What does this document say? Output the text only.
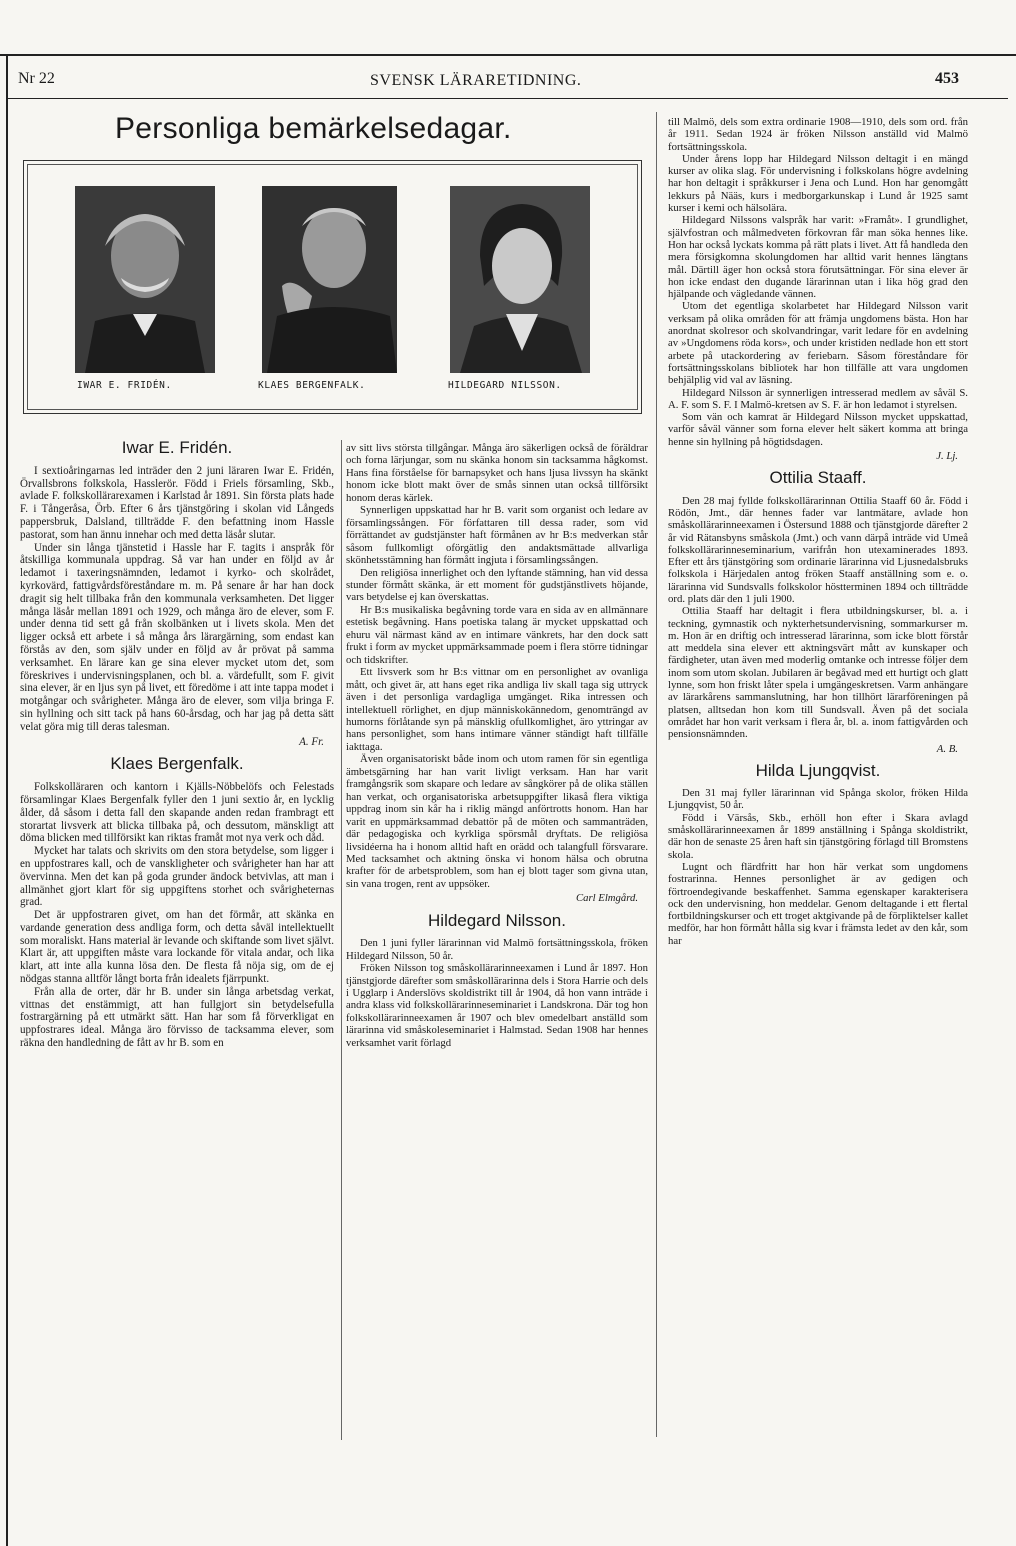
Nr 22	SVENSK LÄRARETIDNING.	453
Personliga bemärkelsedagar.
IWAR E. FRIDÉN.	KLAES BERGENFALK.	HILDEGARD NILSSON.
Iwar E. Fridén.

I sextioåringarnas led inträder den 2 juni läraren Iwar E. Fridén, Örvallsbrons folkskola, Hasslerör. Född i Friels församling, Skb., avlade F. folkskollärarexamen i Karlstad år 1891. Sin första plats hade F. i Tångeråsa, Örb. Efter 6 års tjänstgöring i skolan vid Långeds pappersbruk, Dalsland, tillträdde F. den befattning inom Hassle pastorat, som han ännu innehar och med detta läsår slutar.

Under sin långa tjänstetid i Hassle har F. tagits i anspråk för åtskilliga kommunala uppdrag. Så var han under en följd av år ledamot i taxeringsnämnden, ledamot i kyrko- och skolrådet, kyrkovärd, fattigvårdsföreståndare m. m. På senare år har han dock dragit sig helt tillbaka från den kommunala verksamheten. Det ligger många läsår mellan 1891 och 1929, och många äro de elever, som F. under denna tid sett gå från skolbänken ut i livets skola. Men det ligger också ett arbete i så många års lärargärning, som endast kan förstås av den, som själv under en följd av år prövat på samma verksamhet. En lärare kan ge sina elever mycket utom det, som föreskrives i undervisningsplanen, och bl. a. värdefullt, som F. givit sina elever, är en ljus syn på livet, ett föredöme i att inte tappa modet i motgångar och svårigheter. Många äro de elever, som vilja bringa F. sin hyllning och sitt tack på hans 60-årsdag, och har jag på detta sätt velat göra mig till deras talesman.

A. Fr.
Klaes Bergenfalk.

Folkskolläraren och kantorn i Kjälls-Nöbbelöfs och Felestads församlingar Klaes Bergenfalk fyller den 1 juni sextio år, en lycklig ålder, då såsom i detta fall den skapande anden redan frambragt ett storartat livsverk att blicka tillbaka på, och dessutom, mänskligt att döma blicken med tillförsikt kan riktas framåt mot nya verk och dåd.

Mycket har talats och skrivits om den stora betydelse, som ligger i en uppfostrares kall, och de vanskligheter och svårigheter han har att övervinna. Men det kan på goda grunder ändock betvivlas, att man i allmänhet gjort klart för sig uppgiftens storhet och svårigheternas grad.

Det är uppfostraren givet, om han det förmår, att skänka en vardande generation dess andliga form, och detta såväl intellektuellt som moraliskt. Hans material är levande och skiftande som livet självt. Klart är, att uppgiften måste vara lockande för vitala andar, och lika klart, att inte alla kunna lösa den. De flesta få nöja sig, om de ej nödgas stanna alltför långt borta från idealets fjärrpunkt.

Från alla de orter, där hr B. under sin långa arbetsdag verkat, vittnas det enstämmigt, att han fullgjort sin betydelsefulla fostrargärning på ett utmärkt sätt. Han har som få förverkligat en uppfostrares ideal. Många äro förvisso de tacksamma elever, som räkna den handledning de fått av hr B. som en

av sitt livs största tillgångar. Många äro säkerligen också de föräldrar och forna lärjungar, som nu skänka honom sin tacksamma hågkomst. Hans fina förståelse för barnapsyket och hans ljusa livssyn ha skänkt honom icke blott makt över de smås sinnen utan också tillförsikt honom deras kärlek.

Synnerligen uppskattad har hr B. varit som organist och ledare av församlingssången. För författaren till dessa rader, som vid förrättandet av gudstjänster haft förmånen av hr B:s medverkan står såsom fullkomligt oförgätlig den andaktsmättade allvarliga skönhetsstämning han förmått ingjuta i församlingssången.

Den religiösa innerlighet och den lyftande stämning, han vid dessa stunder förmått skänka, är ett moment för gudstjänstlivets höjande, vars betydelse ej kan överskattas.

Hr B:s musikaliska begåvning torde vara en sida av en allmännare estetisk begåvning. Hans poetiska talang är mycket uppskattad och ehuru väl närmast känd av en intimare vänkrets, har den dock satt frukt i form av mycket uppmärksammade poem i flera större tidningar och tidskrifter.

Ett livsverk som hr B:s vittnar om en personlighet av ovanliga mått, och givet är, att hans eget rika andliga liv skall taga sig uttryck även i det personliga vardagliga umgänget. Rika intressen och intellektuell rörlighet, en djup människokännedom, genomträngd av humorns förlåtande syn på mänsklig ofullkomlighet, äro yttringar av hans personlighet, som hans intimare vänner ständigt haft tillfälle iakttaga.

Även organisatoriskt både inom och utom ramen för sin egentliga ämbetsgärning har han varit livligt verksam. Han har varit framgångsrik som skapare och ledare av sångkörer på de olika ställen han verkat, och organisatoriska arbetsuppgifter likaså flera viktiga uppdrag inom sin kår ha i riklig mängd anförtrotts honom. Han har varit en uppmärksammad debattör på de möten och sammanträden, där pedagogiska och kyrkliga spörsmål dryftats. De religiösa livsidéerna ha i honom alltid haft en orädd och talangfull försvarare. Med tacksamhet och aktning önska vi honom hälsa och obrutna krafter för de arbetsproblem, som han ej blott tager som givna utan, sin vana trogen, rent av uppsöker.

Carl Elmgård.
Hildegard Nilsson.

Den 1 juni fyller lärarinnan vid Malmö fortsättningsskola, fröken Hildegard Nilsson, 50 år.

Fröken Nilsson tog småskollärarinneexamen i Lund år 1897. Hon tjänstgjorde därefter som småskollärarinna dels i Stora Harrie och dels i Ugglarp i Anderslövs skoldistrikt till år 1904, då hon vann inträde i andra klass vid folkskollärarinneseminariet i Landskrona. Där tog hon folkskollärarinneexamen år 1907 och blev omedelbart anställd som lärarinna vid småskoleseminariet i Halmstad. Sedan 1908 har hennes verksamhet varit förlagd

till Malmö, dels som extra ordinarie 1908—1910, dels som ord. från år 1911. Sedan 1924 är fröken Nilsson anställd vid Malmö fortsättningsskola.

Under årens lopp har Hildegard Nilsson deltagit i en mängd kurser av olika slag. För undervisning i folkskolans högre avdelning har hon deltagit i språkkurser i Jena och Lund. Hon har genomgått lekkurs på Nääs, kurs i medborgarkunskap i Lund år 1925 samt kurser i kemi och hälsolära.

Hildegard Nilssons valspråk har varit: »Framåt». I grundlighet, självfostran och målmedveten förkovran får man söka hennes like. Hon har också lyckats komma på rätt plats i livet. Att få handleda den mera försigkomna skolungdomen har alltid varit hennes längtans mål. Därtill äger hon också stora förutsättningar. För sina elever är hon icke endast den dugande lärarinnan utan i lika hög grad den hjälpande och vägledande vännen.

Utom det egentliga skolarbetet har Hildegard Nilsson varit verksam på olika områden för att främja ungdomens bästa. Hon har anordnat skolresor och skolvandringar, varit ledare för en avdelning av »Ungdomens röda kors», och under kristiden nedlade hon ett stort arbete på utackordering av feriebarn. Såsom föreståndare för fortsättningsskolans bibliotek har hon tillfälle att vara ungdomen behjälplig vid val av läsning.

Hildegard Nilsson är synnerligen intresserad medlem av såväl S. A. F. som S. F. I Malmö-kretsen av S. F. är hon ledamot i styrelsen.

Som vän och kamrat är Hildegard Nilsson mycket uppskattad, varför såväl vänner som forna elever helt säkert komma att bringa henne sin hyllning på högtidsdagen.

J. Lj.
Ottilia Staaff.

Den 28 maj fyllde folkskollärarinnan Ottilia Staaff 60 år. Född i Rödön, Jmt., där hennes fader var lantmätare, avlade hon småskollärarinneexamen i Östersund 1888 och tjänstgjorde därefter 2 år vid Rätansbyns småskola (Jmt.) och vann därpå inträde vid Umeå folkskollärarinneseminarium, varifrån hon utexaminerades 1893. Efter ett års tjänstgöring som ordinarie lärarinna vid Ljusnedalsbruks folkskola i Härjedalen antog fröken Staaff anställning som e. o. lärarinna vid Sundsvalls folkskolor höstterminen 1894 och tillträdde ord. plats där den 1 juli 1900.

Ottilia Staaff har deltagit i flera utbildningskurser, bl. a. i teckning, gymnastik och nykterhetsundervisning, sommarkurser m. m. Hon är en driftig och intresserad lärarinna, som icke blott förstår att meddela sina elever ett aktningsvärt mått av kunskaper och färdigheter, utan även med moderlig omtanke och intresse följer dem inom som utom skolan. Jubilaren är begåvad med ett hurtigt och glatt lynne, som hon friskt låter spela i umgängeskretsen. Varm anhängare av lärarkårens sammanslutning, har hon tillhört lärarföreningen på platsen, alltsedan hon kom till Sundsvall. Även på det sociala området har hon varit verksam i flera år, bl. a. inom fattigvården och pensionsnämnden.

A. B.
Hilda Ljungqvist.

Den 31 maj fyller lärarinnan vid Spånga skolor, fröken Hilda Ljungqvist, 50 år.

Född i Värsås, Skb., erhöll hon efter i Skara avlagd småskollärarinneexamen år 1899 anställning i Spånga skoldistrikt, där hon de senaste 25 åren haft sin tjänstgöring förlagd till Bromstens skola.

Lugnt och flärdfritt har hon här verkat som ungdomens fostrarinna. Hennes personlighet är av gedigen och förtroendegivande beskaffenhet. Samma egenskaper karakterisera ock den undervisning, hon meddelar. Genom deltagande i ett flertal fortbildningskurser och ett troget aktgivande på de förpliktelser kallet medför, har hon förmått hålla sig kvar i främsta ledet av den kår, som har
